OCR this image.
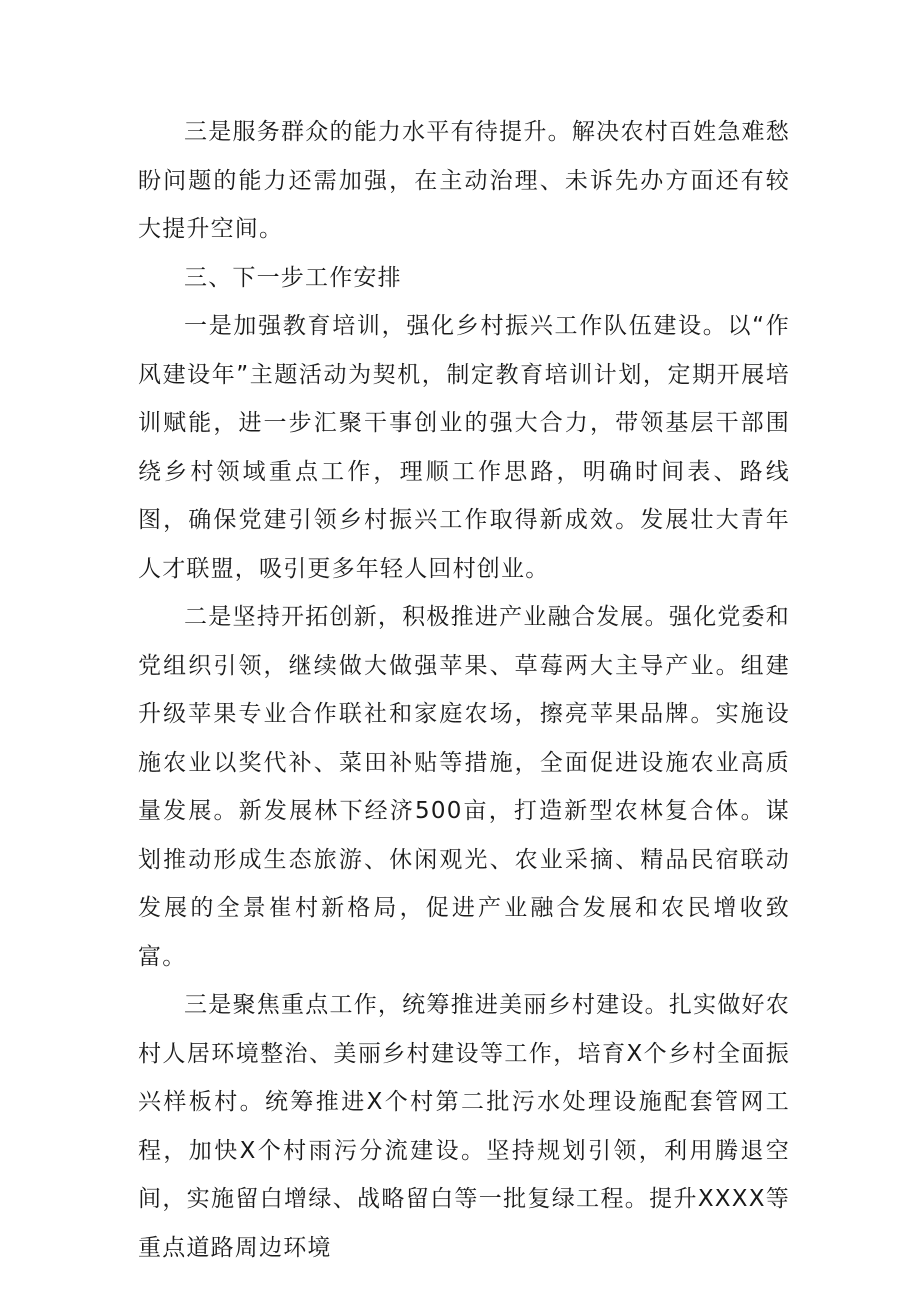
三是服务群众的能力水平有待提升。解决农村百姓急难愁盼问题的能力还需加强，在主动治理、未诉先办方面还有较大提升空间。

三、下一步工作安排

一是加强教育培训，强化乡村振兴工作队伍建设。以“作风建设年”主题活动为契机，制定教育培训计划，定期开展培训赋能，进一步汇聚干事创业的强大合力，带领基层干部围绕乡村领域重点工作，理顺工作思路，明确时间表、路线图，确保党建引领乡村振兴工作取得新成效。发展壮大青年人才联盟，吸引更多年轻人回村创业。

二是坚持开拓创新，积极推进产业融合发展。强化党委和党组织引领，继续做大做强苹果、草莓两大主导产业。组建升级苹果专业合作联社和家庭农场，擦亮苹果品牌。实施设施农业以奖代补、菜田补贴等措施，全面促进设施农业高质量发展。新发展林下经济500亩，打造新型农林复合体。谋划推动形成生态旅游、休闲观光、农业采摘、精品民宿联动发展的全景崔村新格局，促进产业融合发展和农民增收致富。

三是聚焦重点工作，统筹推进美丽乡村建设。扎实做好农村人居环境整治、美丽乡村建设等工作，培育X个乡村全面振兴样板村。统筹推进X个村第二批污水处理设施配套管网工程，加快X个村雨污分流建设。坚持规划引领，利用腾退空间，实施留白增绿、战略留白等一批复绿工程。提升XXXX等重点道路周边环境
